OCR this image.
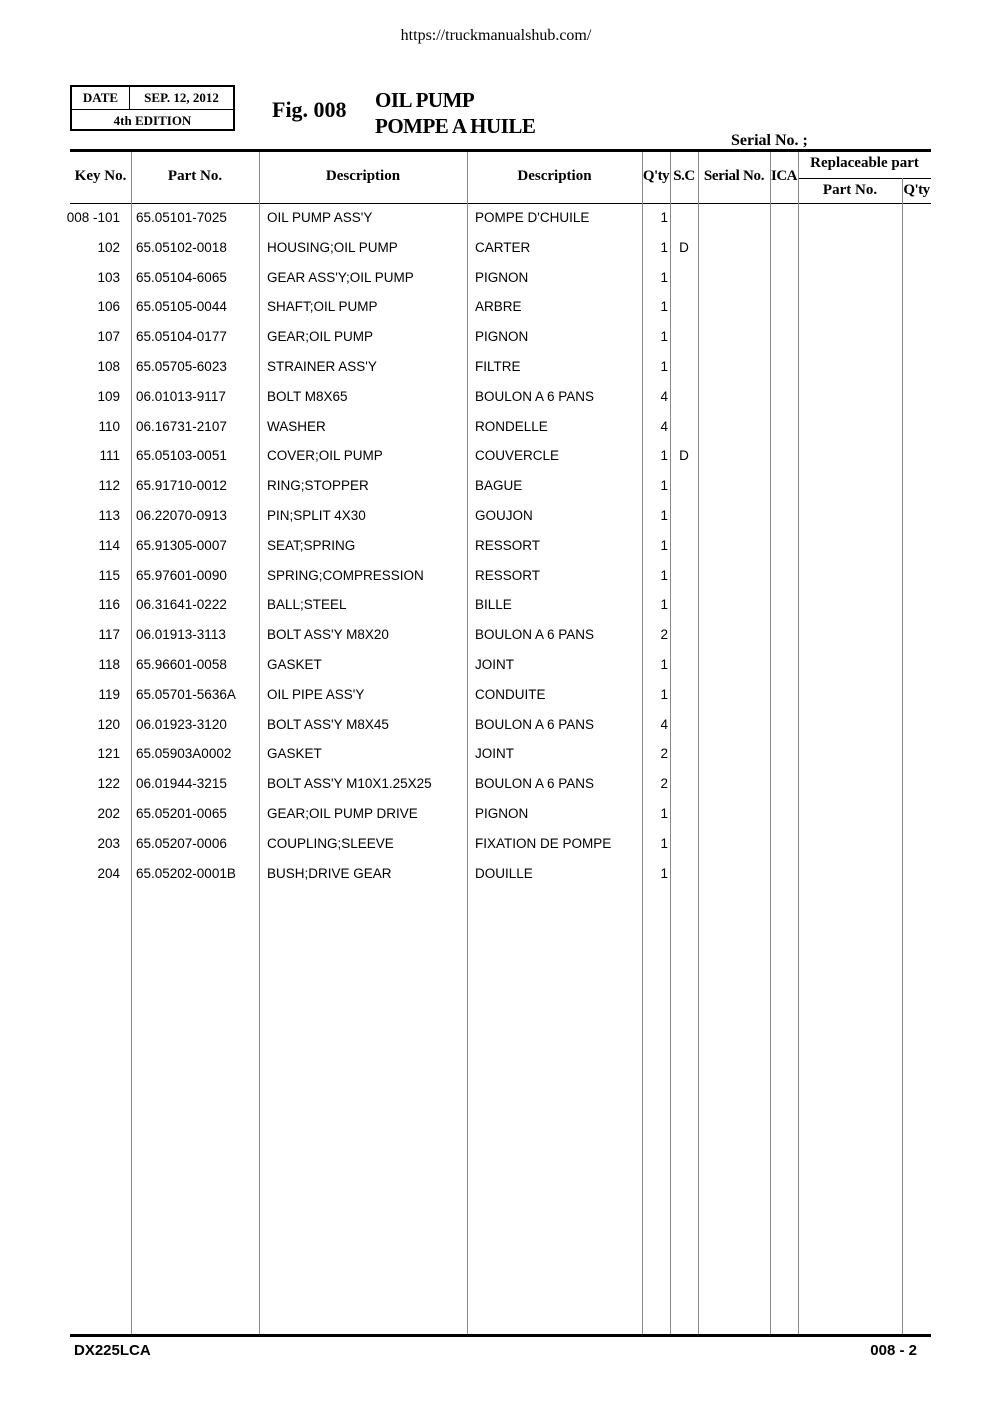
https://truckmanualshub.com/
DATE	SEP. 12, 2012
4th EDITION	Fig. 008 OIL PUMP
POMPE A HUILE
Serial No. ;
Key No.	Part No.	Description	Description	Q'ty S.C Serial No. ICA
Replaceable part
Part No.	Q'ty
008 -101 65.05101-7025	OIL PUMP ASS'Y	POMPE D'CHUILE	1
102 65.05102-0018	HOUSING;OIL PUMP	CARTER	1 D
103 65.05104-6065	GEAR ASS'Y;OIL PUMP	PIGNON	1
106 65.05105-0044	SHAFT;OIL PUMP	ARBRE	1
107 65.05104-0177	GEAR;OIL PUMP	PIGNON	1
108 65.05705-6023	STRAINER ASS'Y	FILTRE	1
109 06.01013-9117	BOLT M8X65	BOULON A 6 PANS	4
110 06.16731-2107	WASHER	RONDELLE	4
111 65.05103-0051	COVER;OIL PUMP	COUVERCLE	1 D
112 65.91710-0012	RING;STOPPER	BAGUE	1
113 06.22070-0913	PIN;SPLIT 4X30	GOUJON	1
114 65.91305-0007	SEAT;SPRING	RESSORT	1
115 65.97601-0090	SPRING;COMPRESSION	RESSORT	1
116 06.31641-0222	BALL;STEEL	BILLE	1
117 06.01913-3113	BOLT ASS'Y M8X20	BOULON A 6 PANS	2
118 65.96601-0058	GASKET	JOINT	1
119 65.05701-5636A OIL PIPE ASS'Y	CONDUITE	1
120 06.01923-3120	BOLT ASS'Y M8X45	BOULON A 6 PANS	4
121 65.05903A0002	GASKET	JOINT	2
122 06.01944-3215	BOLT ASS'Y M10X1.25X25	BOULON A 6 PANS	2
202 65.05201-0065	GEAR;OIL PUMP DRIVE	PIGNON	1
203 65.05207-0006	COUPLING;SLEEVE	FIXATION DE POMPE	1
204 65.05202-0001B BUSH;DRIVE GEAR	DOUILLE	1
DX225LCA	008 - 2
